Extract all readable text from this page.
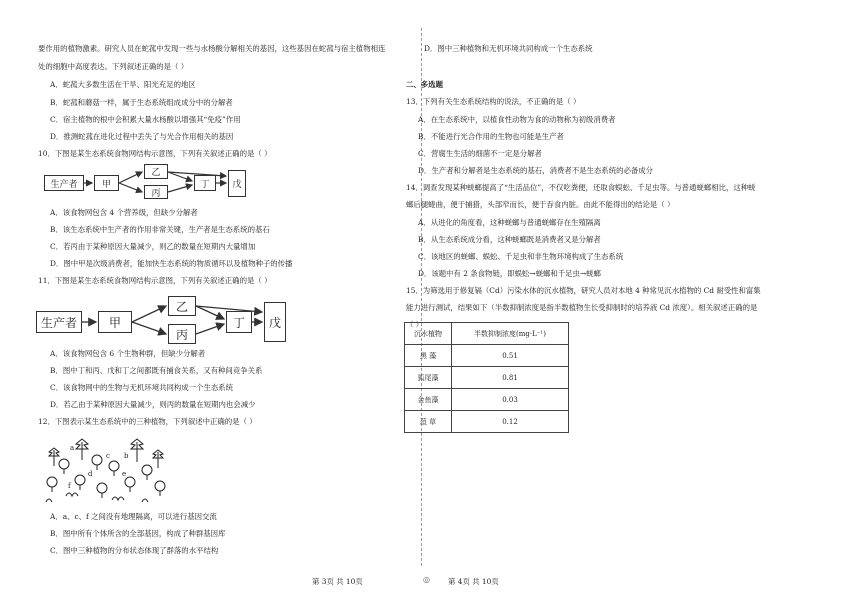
◎
要作用的植物激素。研究人员在蛇菰中发现一些与水杨酸分解相关的基因，这些基因在蛇菰与宿主植物相连
处的细胞中高度表达。下列叙述正确的是（ ）
A．蛇菰大多数生活在干旱、阳光充足的地区
B．蛇菰和蘑菇一样，属于生态系统组成成分中的分解者
C．宿主植物的根中会积累大量水杨酸以增强其“免疫”作用
D．推测蛇菰在进化过程中丢失了与光合作用相关的基因
10．下图是某生态系统食物网结构示意图，下列有关叙述正确的是（ ）
生产者	甲
乙
丙
丁	戊
A．该食物网包含 4 个营养级，但缺少分解者
B．该生态系统中生产者的作用非常关键，生产者是生态系统的基石
C．若丙由于某种原因大量减少，则乙的数量在短期内大量增加
D．图中甲是次级消费者，能加快生态系统的物质循环以及植物种子的传播
11．下图是某生态系统食物网结构示意图，下列有关叙述正确的是（ ）
生产者	甲
乙
丙
丁	戊
A．该食物网包含 6 个生物种群，但缺少分解者
B．图中丁和丙、戊和丁之间都既有捕食关系，又有种间竞争关系
C．该食物网中的生物与无机环境共同构成一个生态系统
D．若乙由于某种原因大量减少，则丙的数量在短期内也会减少
12．下图表示某生态系统中的三种植物，下列叙述中正确的是（ ）
a
b
c
d	e
f
A．a、c、f 之间没有地理隔离，可以进行基因交流
B．图中所有个体所含的全部基因，构成了种群基因库
C．图中三种植物的分布状态体现了群落的水平结构
第 3页 共 10页
D．图中三种植物和无机环境共同构成一个生态系统
二、多选题
13．下列有关生态系统结构的说法，不正确的是（ ）
A．在生态系统中，以植食性动物为食的动物称为初级消费者
B．不能进行光合作用的生物也可能是生产者
C．营腐生生活的细菌不一定是分解者
D．生产者和分解者是生态系统的基石，消费者不是生态系统的必备成分
14．调查发现某种蜣螂提高了“生活品位”，不仅吃粪便，还取食蜈蚣、千足虫等。与普通蜣螂相比，这种蜣
螂后腿蜷曲，便于捕猎，头部窄而长，便于吞食内脏。由此不能得出的结论是（ ）
A．从进化的角度看，这种蜣螂与普通蜣螂存在生殖隔离
B．从生态系统成分看，这种蜣螂既是消费者又是分解者
C．该地区的蜣螂、蜈蚣、千足虫和非生物环境构成了生态系统
D．该题中有 2 条食物链，即蜈蚣→蜣螂和千足虫→蜣螂
15．为筛选用于修复镉（Cd）污染水体的沉水植物，研究人员对本地 4 种常见沉水植物的 Cd 耐受性和富集
能力进行测试，结果如下（半数抑制浓度是指半数植物生长受抑制时的培养液 Cd 浓度）。相关叙述正确的是
（ ）
第 4页 共 10页
沉水植物	半数抑制浓度(mg·L⁻¹)
黑 藻	0.51
狐尾藻	0.81
金鱼藻	0.03
菹 草	0.12
